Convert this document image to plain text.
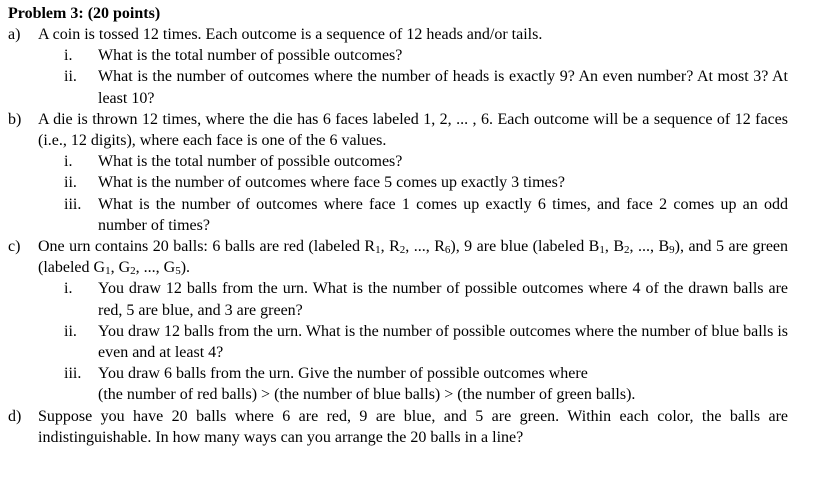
Problem 3: (20 points)
a)	A coin is tossed 12 times. Each outcome is a sequence of 12 heads and/or tails.
i.	What is the total number of possible outcomes?
ii.	What is the number of outcomes where the number of heads is exactly 9? An even number? At most 3? At least 10?
b)	A die is thrown 12 times, where the die has 6 faces labeled 1, 2, ... , 6. Each outcome will be a sequence of 12 faces (i.e., 12 digits), where each face is one of the 6 values.
i.	What is the total number of possible outcomes?
ii.	What is the number of outcomes where face 5 comes up exactly 3 times?
iii.	What is the number of outcomes where face 1 comes up exactly 6 times, and face 2 comes up an odd number of times?
c)	One urn contains 20 balls: 6 balls are red (labeled $R_1$, $R_2$, ..., $R_6$), 9 are blue (labeled $B_1$, $B_2$, ..., $B_9$), and 5 are green (labeled $G_1$, $G_2$, ..., $G_5$).
i.	You draw 12 balls from the urn. What is the number of possible outcomes where 4 of the drawn balls are red, 5 are blue, and 3 are green?
ii.	You draw 12 balls from the urn. What is the number of possible outcomes where the number of blue balls is even and at least 4?
iii.	You draw 6 balls from the urn. Give the number of possible outcomes where
(the number of red balls) > (the number of blue balls) > (the number of green balls).
d)	Suppose you have 20 balls where 6 are red, 9 are blue, and 5 are green. Within each color, the balls are indistinguishable. In how many ways can you arrange the 20 balls in a line?
